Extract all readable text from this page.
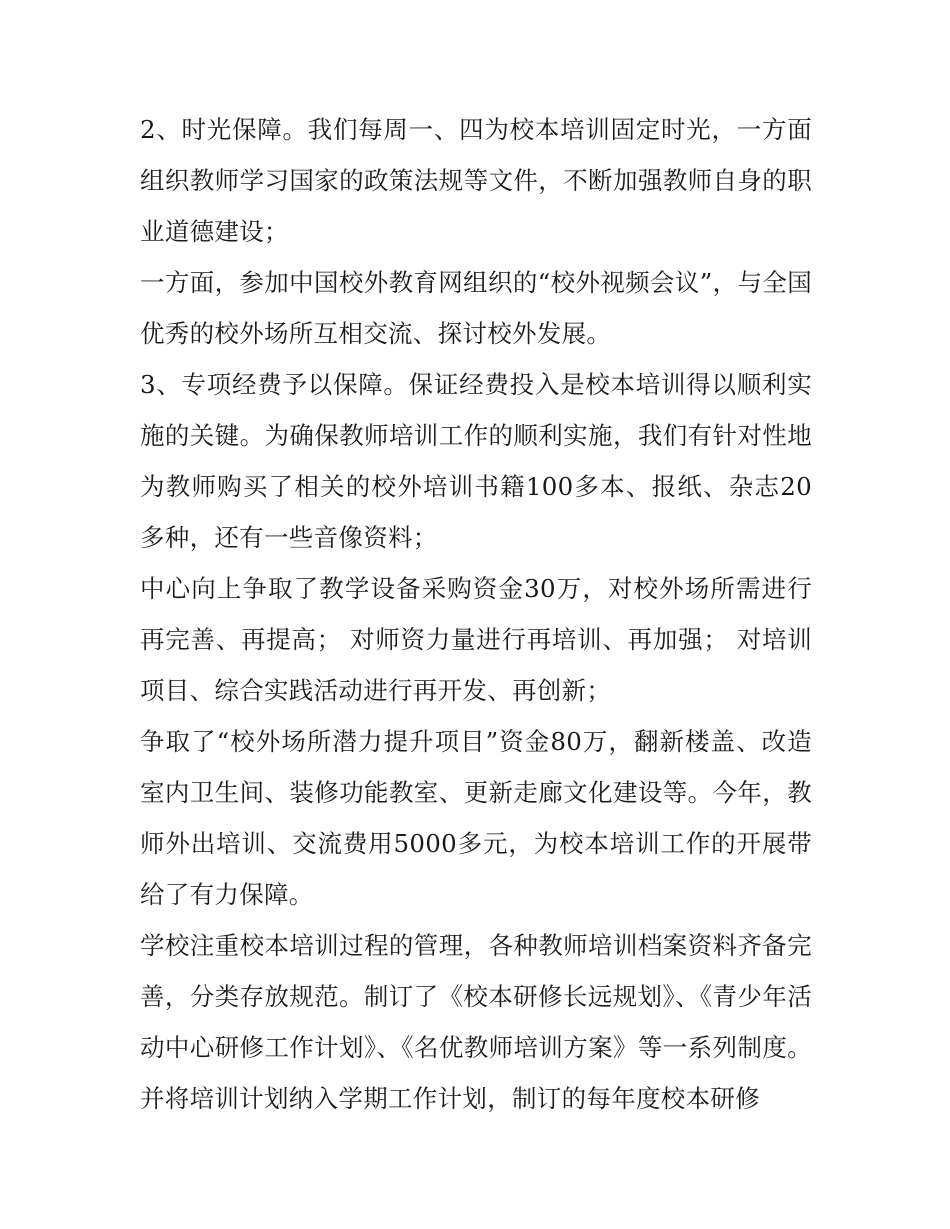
2、时光保障。我们每周一、四为校本培训固定时光，一方面组织教师学习国家的政策法规等文件，不断加强教师自身的职业道德建设；

一方面，参加中国校外教育网组织的“校外视频会议”，与全国优秀的校外场所互相交流、探讨校外发展。

3、专项经费予以保障。保证经费投入是校本培训得以顺利实施的关键。为确保教师培训工作的顺利实施，我们有针对性地为教师购买了相关的校外培训书籍100多本、报纸、杂志20多种，还有一些音像资料；

中心向上争取了教学设备采购资金30万，对校外场所需进行再完善、再提高； 对师资力量进行再培训、再加强； 对培训项目、综合实践活动进行再开发、再创新；

争取了“校外场所潜力提升项目”资金80万，翻新楼盖、改造室内卫生间、装修功能教室、更新走廊文化建设等。今年，教师外出培训、交流费用5000多元，为校本培训工作的开展带给了有力保障。

学校注重校本培训过程的管理，各种教师培训档案资料齐备完善，分类存放规范。制订了《校本研修长远规划》、《青少年活动中心研修工作计划》、《名优教师培训方案》等一系列制度。并将培训计划纳入学期工作计划，制订的每年度校本研修
